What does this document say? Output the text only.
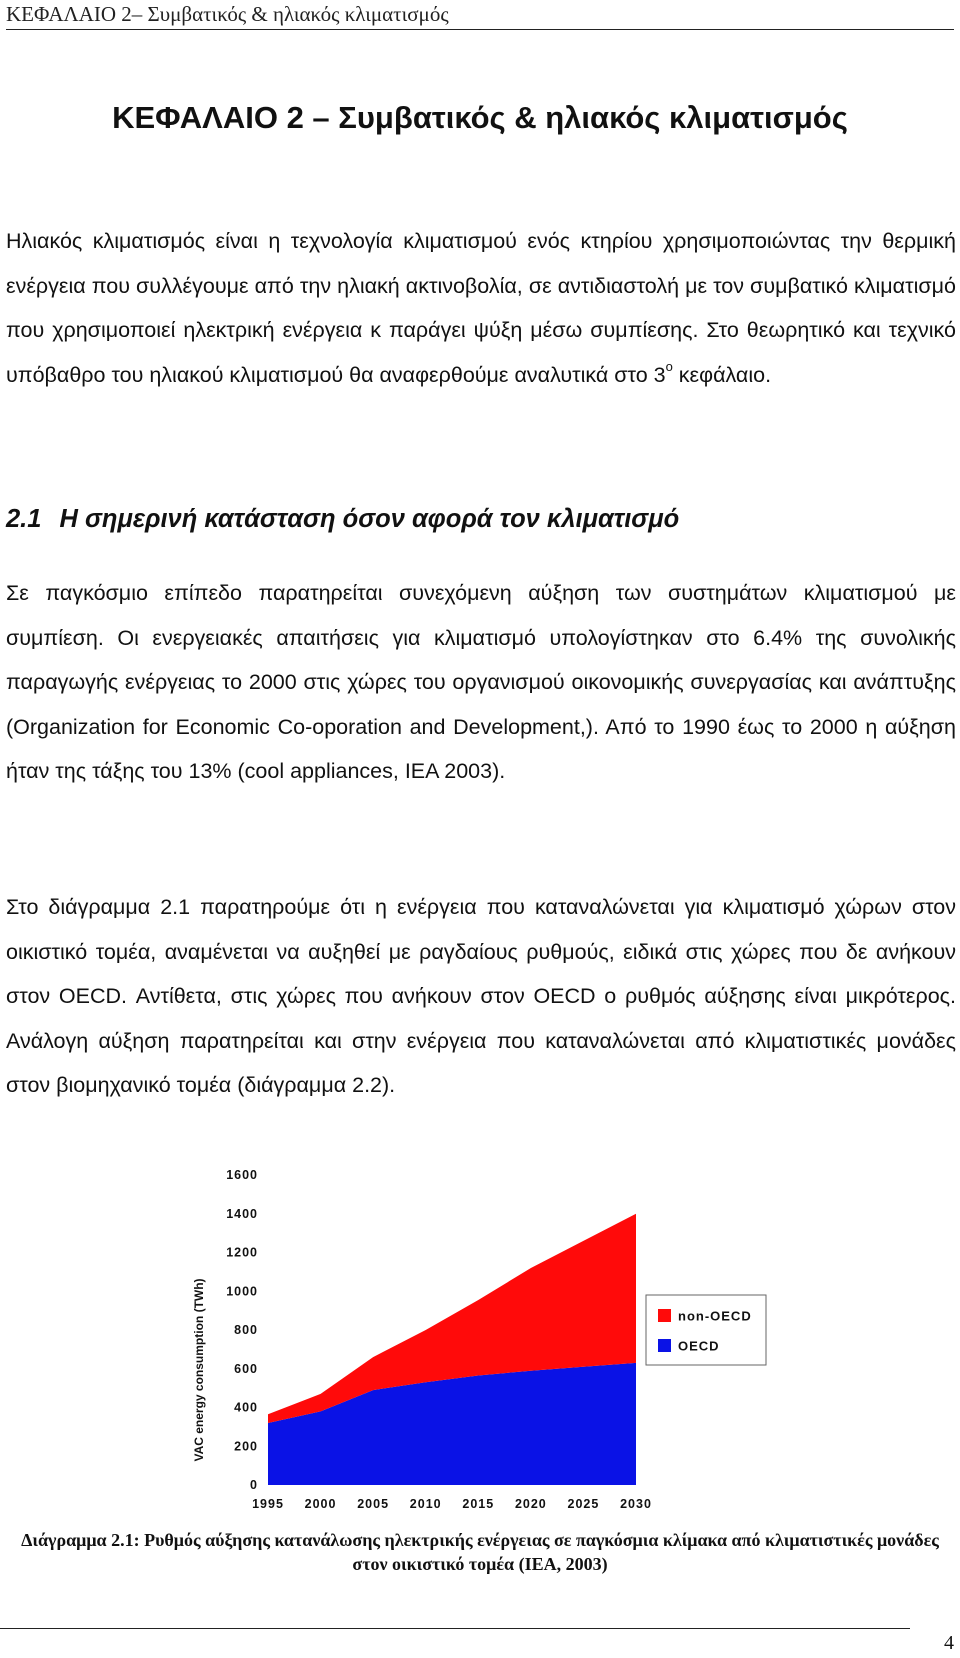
ΚΕΦΑΛΑΙΟ 2– Συμβατικός & ηλιακός κλιματισμός
ΚΕΦΑΛΑΙΟ 2 – Συμβατικός & ηλιακός κλιματισμός

Ηλιακός κλιματισμός είναι η τεχνολογία κλιματισμού ενός κτηρίου χρησιμοποιώντας την θερμική ενέργεια που συλλέγουμε από την ηλιακή ακτινοβολία, σε αντιδιαστολή με τον συμβατικό κλιματισμό που χρησιμοποιεί ηλεκτρική ενέργεια κ παράγει ψύξη μέσω συμπίεσης. Στο θεωρητικό και τεχνικό υπόβαθρο του ηλιακού κλιματισμού θα αναφερθούμε αναλυτικά στο $3^o$ κεφάλαιο.

2.1 Η σημερινή κατάσταση όσον αφορά τον κλιματισμό

Σε παγκόσμιο επίπεδο παρατηρείται συνεχόμενη αύξηση των συστημάτων κλιματισμού με συμπίεση. Οι ενεργειακές απαιτήσεις για κλιματισμό υπολογίστηκαν στο 6.4% της συνολικής παραγωγής ενέργειας το 2000 στις χώρες του οργανισμού οικονομικής συνεργασίας και ανάπτυξης (Organization for Economic Co-oporation and Development,). Από το 1990 έως το 2000 η αύξηση ήταν της τάξης του 13% (cool appliances, IEA 2003).

Στο διάγραμμα 2.1 παρατηρούμε ότι η ενέργεια που καταναλώνεται για κλιματισμό χώρων στον οικιστικό τομέα, αναμένεται να αυξηθεί με ραγδαίους ρυθμούς, ειδικά στις χώρες που δε ανήκουν στον OECD. Αντίθετα, στις χώρες που ανήκουν στον OECD ο ρυθμός αύξησης είναι μικρότερος. Ανάλογη αύξηση παρατηρείται και στην ενέργεια που καταναλώνεται από κλιματιστικές μονάδες στον βιομηχανικό τομέα (διάγραμμα 2.2).

0
200
400
600
800
1000
1200
1400
1600
1995 2000 2005 2010 2015 2020 2025 2030
VAC energy consumption (TWh)	non-OECD
OECD

Διάγραμμα 2.1: Ρυθμός αύξησης κατανάλωσης ηλεκτρικής ενέργειας σε παγκόσμια κλίμακα από κλιματιστικές μονάδες στον οικιστικό τομέα (IEA, 2003)

4
